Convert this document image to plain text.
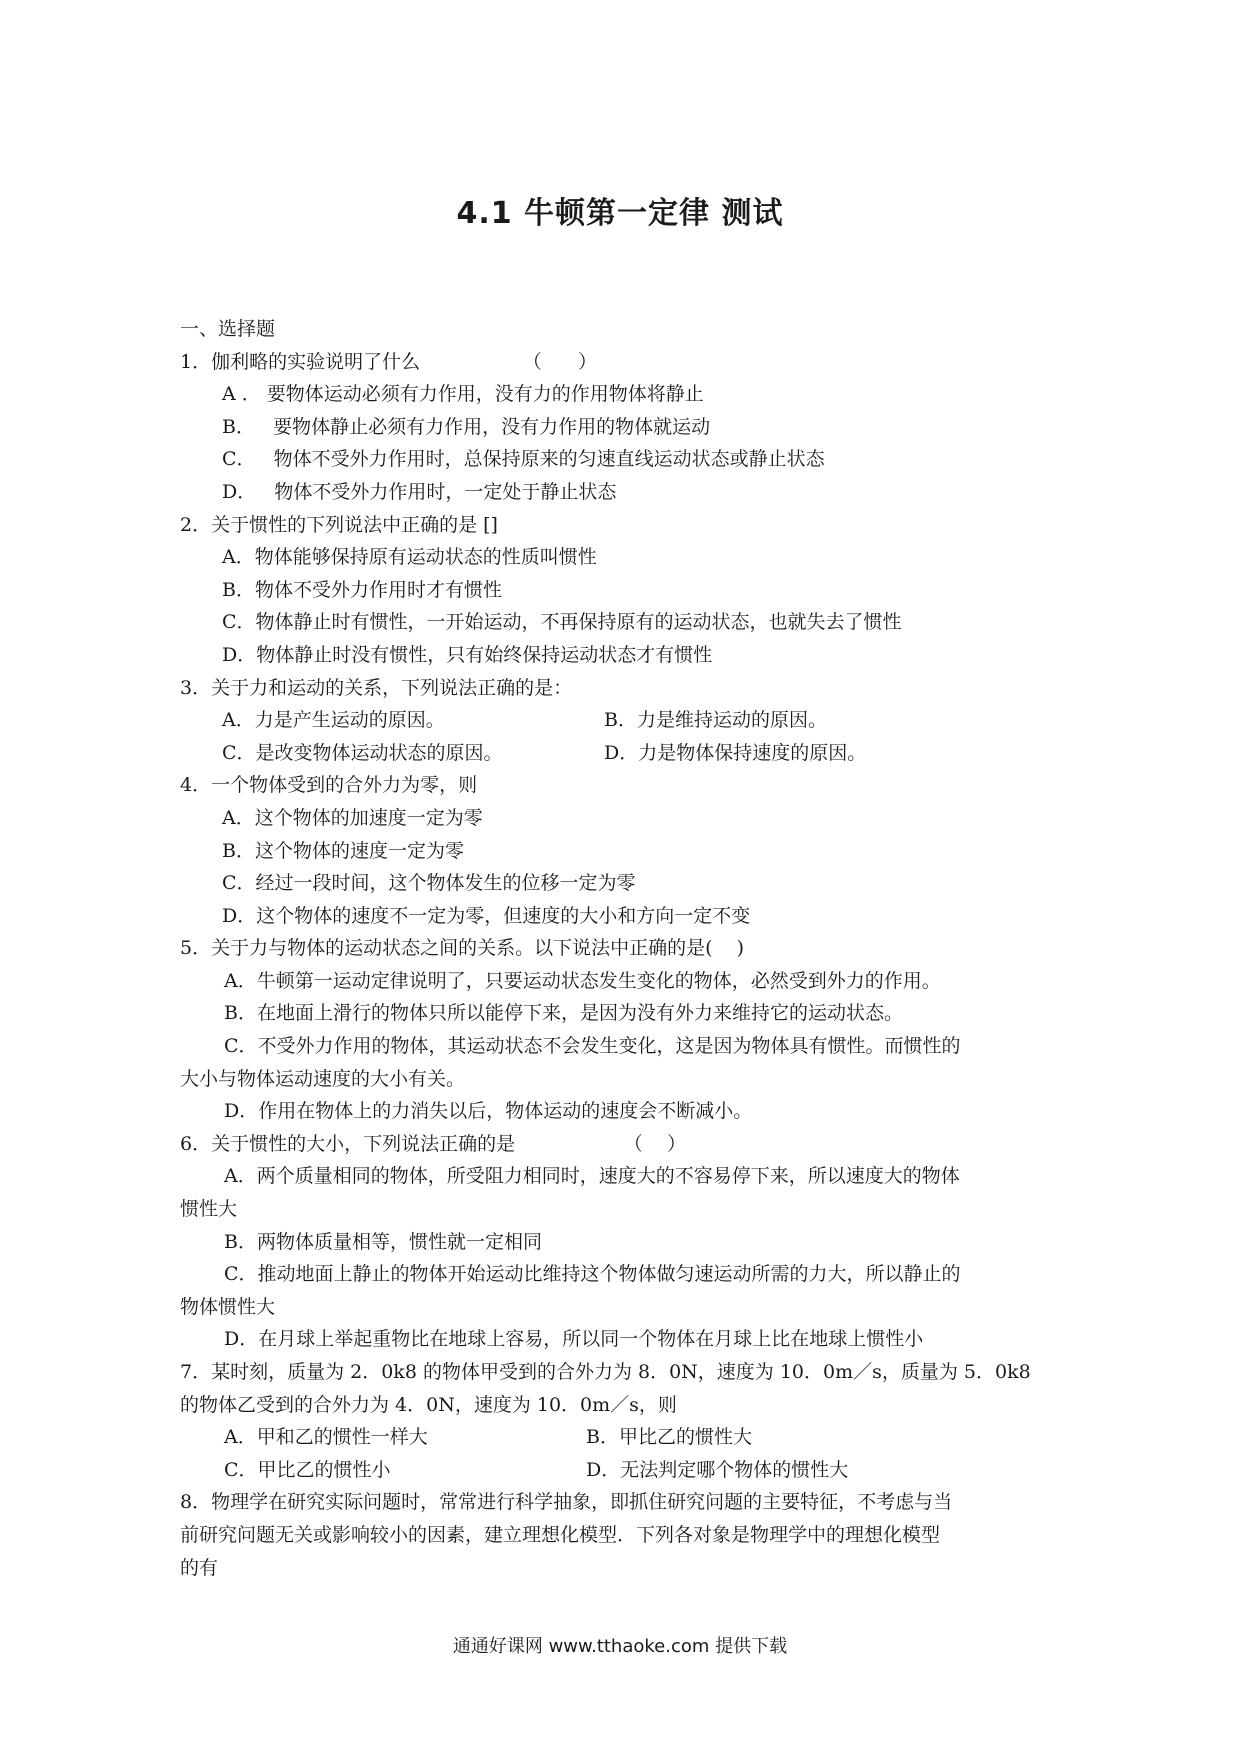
4.1 牛顿第一定律 测试
一、选择题
1．伽利略的实验说明了什么                 （      ）
A ． 要物体运动必须有力作用，没有力的作用物体将静止
B．   要物体静止必须有力作用，没有力作用的物体就运动
C．   物体不受外力作用时，总保持原来的匀速直线运动状态或静止状态
D．   物体不受外力作用时，一定处于静止状态
2．关于惯性的下列说法中正确的是 []
A．物体能够保持原有运动状态的性质叫惯性
B．物体不受外力作用时才有惯性
C．物体静止时有惯性，一开始运动，不再保持原有的运动状态，也就失去了惯性
D．物体静止时没有惯性，只有始终保持运动状态才有惯性
3．关于力和运动的关系，下列说法正确的是：
A．力是产生运动的原因。	B．力是维持运动的原因。
C．是改变物体运动状态的原因。	D．力是物体保持速度的原因。
4．一个物体受到的合外力为零，则
A．这个物体的加速度一定为零
B．这个物体的速度一定为零
C．经过一段时间，这个物体发生的位移一定为零
D．这个物体的速度不一定为零，但速度的大小和方向一定不变
5．关于力与物体的运动状态之间的关系。以下说法中正确的是(    )
A．牛顿第一运动定律说明了，只要运动状态发生变化的物体，必然受到外力的作用。
B．在地面上滑行的物体只所以能停下来，是因为没有外力来维持它的运动状态。
C．不受外力作用的物体，其运动状态不会发生变化，这是因为物体具有惯性。而惯性的
大小与物体运动速度的大小有关。
D．作用在物体上的力消失以后，物体运动的速度会不断减小。
6．关于惯性的大小，下列说法正确的是                  （    ）
A．两个质量相同的物体，所受阻力相同时，速度大的不容易停下来，所以速度大的物体
惯性大
B．两物体质量相等，惯性就一定相同
C．推动地面上静止的物体开始运动比维持这个物体做匀速运动所需的力大，所以静止的
物体惯性大
D．在月球上举起重物比在地球上容易，所以同一个物体在月球上比在地球上惯性小
7．某时刻，质量为 2．0k8 的物体甲受到的合外力为 8．0N，速度为 10．0m／s，质量为 5．0k8
的物体乙受到的合外力为 4．0N，速度为 10．0m／s，则
A．甲和乙的惯性一样大	B．甲比乙的惯性大
C．甲比乙的惯性小	D．无法判定哪个物体的惯性大
8．物理学在研究实际问题时，常常进行科学抽象，即抓住研究问题的主要特征，不考虑与当
前研究问题无关或影响较小的因素，建立理想化模型．下列各对象是物理学中的理想化模型
的有
通通好课网 www.tthaoke.com 提供下载
